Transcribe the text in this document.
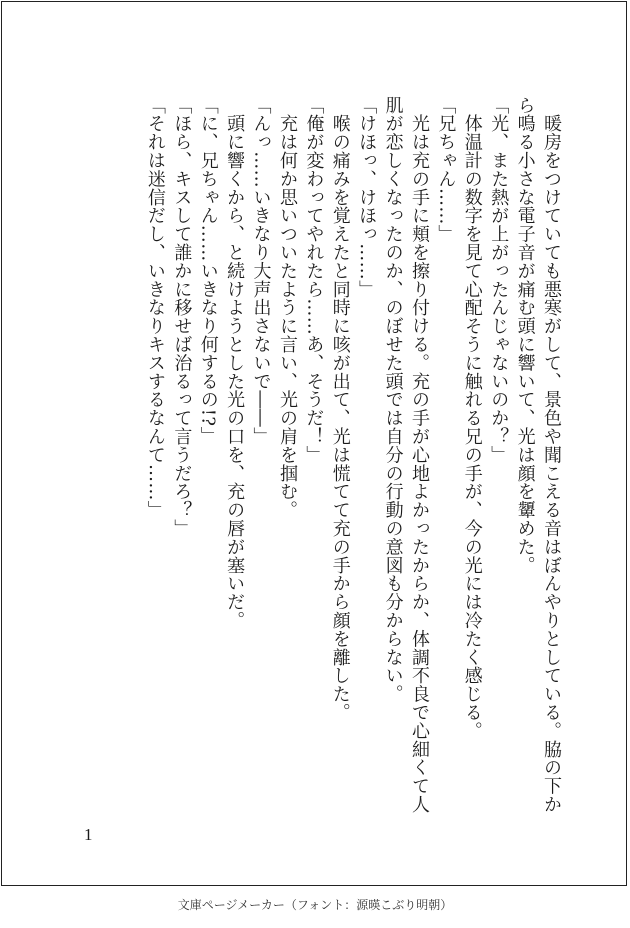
　暖房をつけていても悪寒がして、景色や聞こえる音はぼんやりとしている。脇の下か

ら鳴る小さな電子音が痛む頭に響いて、光は顔を顰めた。

「光、また熱が上がったんじゃないのか？」

　体温計の数字を見て心配そうに触れる兄の手が、今の光には冷たく感じる。

「兄ちゃん……」

　光は充の手に頬を擦り付ける。充の手が心地よかったからか、体調不良で心細くて人

肌が恋しくなったのか、のぼせた頭では自分の行動の意図も分からない。

「けほっ、けほっ……」

　喉の痛みを覚えたと同時に咳が出て、光は慌てて充の手から顔を離した。

「俺が変わってやれたら……あ、そうだ！」

　充は何か思いついたように言い、光の肩を掴む。

「んっ……いきなり大声出さないで――」

　頭に響くから、と続けようとした光の口を、充の唇が塞いだ。

「に、兄ちゃん……いきなり何するの!?」

「ほら、キスして誰かに移せば治るって言うだろ？」

「それは迷信だし、いきなりキスするなんて……」

1
文庫ページメーカー（フォント：源暎こぶり明朝）
